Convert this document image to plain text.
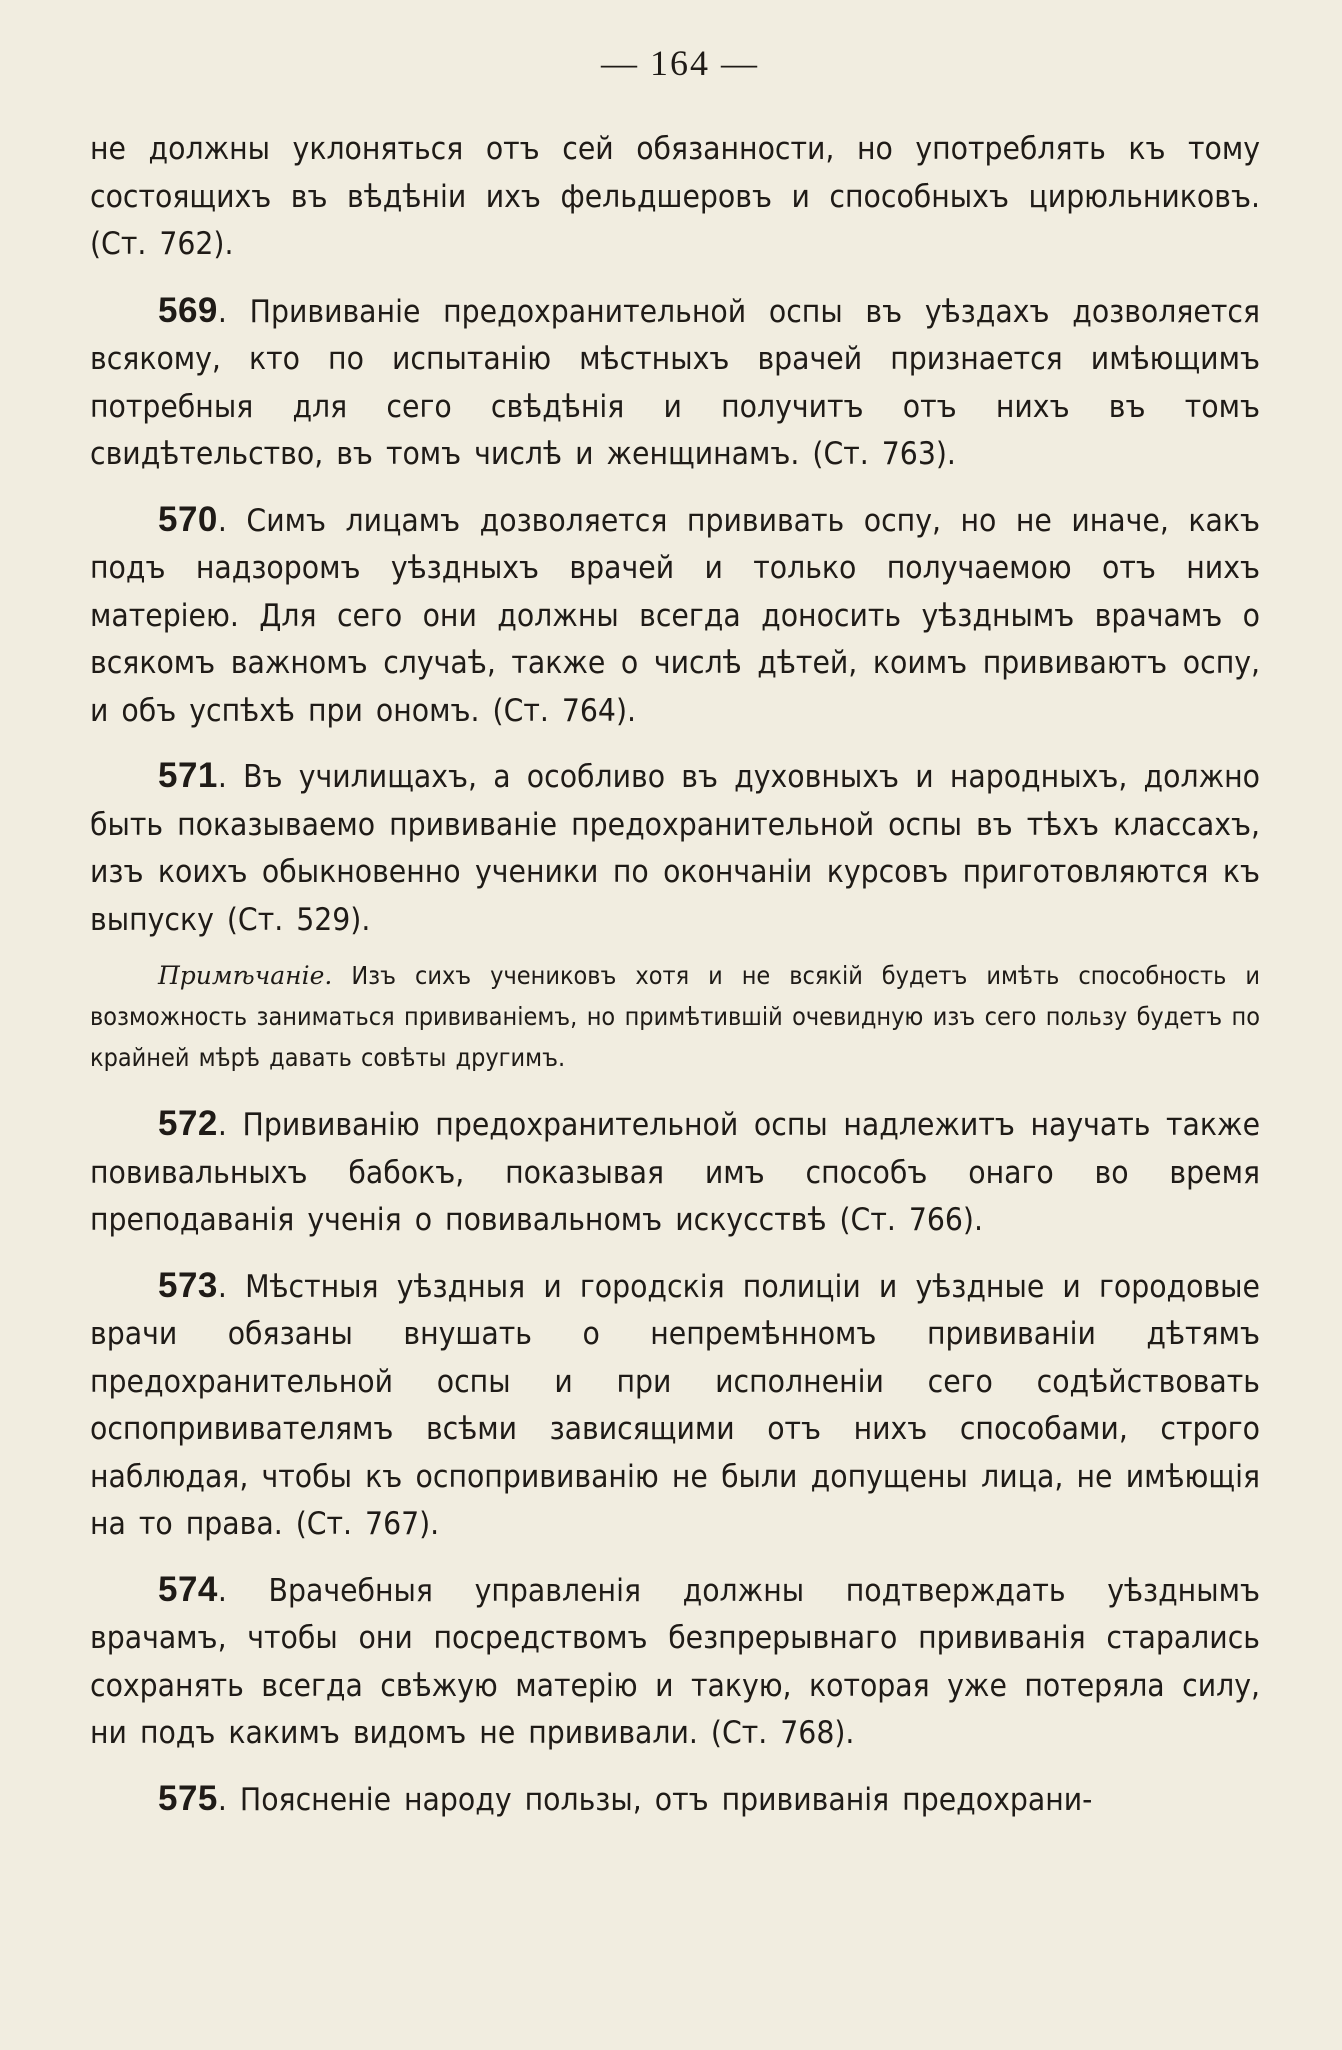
— 164 —

не должны уклоняться отъ сей обязанности, но употреблять къ тому состоящихъ въ вѣдѣніи ихъ фельдшеровъ и способныхъ цирюльниковъ. (Ст. 762).

569. Прививаніе предохранительной оспы въ уѣздахъ дозволяется всякому, кто по испытанію мѣстныхъ врачей признается имѣющимъ потребныя для сего свѣдѣнія и получитъ отъ нихъ въ томъ свидѣтельство, въ томъ числѣ и женщинамъ. (Ст. 763).

570. Симъ лицамъ дозволяется прививать оспу, но не иначе, какъ подъ надзоромъ уѣздныхъ врачей и только получаемою отъ нихъ матеріею. Для сего они должны всегда доносить уѣзднымъ врачамъ о всякомъ важномъ случаѣ, также о числѣ дѣтей, коимъ прививаютъ оспу, и объ успѣхѣ при ономъ. (Ст. 764).

571. Въ училищахъ, а особливо въ духовныхъ и народныхъ, должно быть показываемо прививаніе предохранительной оспы въ тѣхъ классахъ, изъ коихъ обыкновенно ученики по окончаніи курсовъ приготовляются къ выпуску (Ст. 529).

Примѣчаніе. Изъ сихъ учениковъ хотя и не всякій будетъ имѣть способность и возможность заниматься прививаніемъ, но примѣтившій очевидную изъ сего пользу будетъ по крайней мѣрѣ давать совѣты другимъ.

572. Прививанію предохранительной оспы надлежитъ научать также повивальныхъ бабокъ, показывая имъ способъ онаго во время преподаванія ученія о повивальномъ искусствѣ (Ст. 766).

573. Мѣстныя уѣздныя и городскія полиціи и уѣздные и городовые врачи обязаны внушать о непремѣнномъ прививаніи дѣтямъ предохранительной оспы и при исполненіи сего содѣйствовать оспопрививателямъ всѣми зависящими отъ нихъ способами, строго наблюдая, чтобы къ оспопрививанію не были допущены лица, не имѣющія на то права. (Ст. 767).

574. Врачебныя управленія должны подтверждать уѣзднымъ врачамъ, чтобы они посредствомъ безпрерывнаго прививанія старались сохранять всегда свѣжую матерію и такую, которая уже потеряла силу, ни подъ какимъ видомъ не прививали. (Ст. 768).

575. Поясненіе народу пользы, отъ прививанія предохрани-
